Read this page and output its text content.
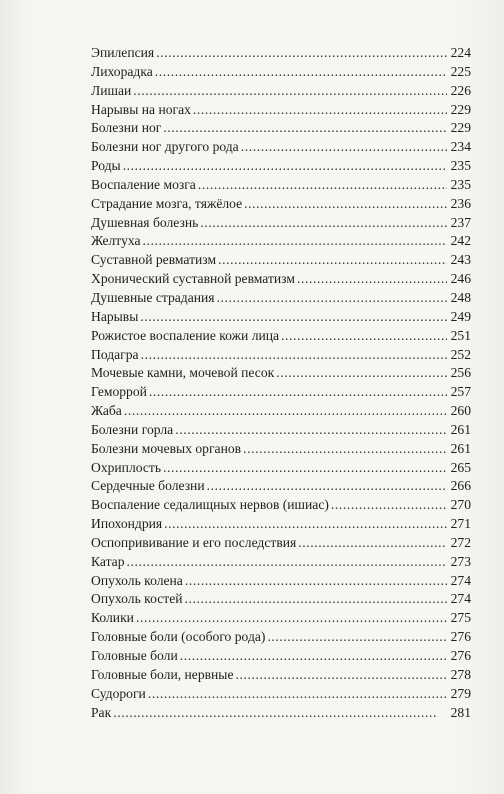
Эпилепсия . . .	224
Лихорадка . . .	225
Лишаи . . .	226
Нарывы на ногах . . .	229
Болезни ног . . .	229
Болезни ног другого рода . . .	234
Роды . . .	235
Воспаление мозга . . .	235
Страдание мозга, тяжёлое . . .	236
Душевная болезнь . . .	237
Желтуха . . .	242
Суставной ревматизм . . .	243
Хронический суставной ревматизм . . .	246
Душевные страдания . . .	248
Нарывы . . .	249
Рожистое воспаление кожи лица . . .	251
Подагра . . .	252
Мочевые камни, мочевой песок . . .	256
Геморрой . . .	257
Жаба . . .	260
Болезни горла . . .	261
Болезни мочевых органов . . .	261
Охриплость . . .	265
Сердечные болезни . . .	266
Воспаление седалищных нервов (ишиас) . . .	270
Ипохондрия . . .	271
Оспопрививание и его последствия . . .	272
Катар . . .	273
Опухоль колена . . .	274
Опухоль костей . . .	274
Колики . . .	275
Головные боли (особого рода) . . .	276
Головные боли . . .	276
Головные боли, нервные . . .	278
Судороги . . .	279
Рак . . .	281
